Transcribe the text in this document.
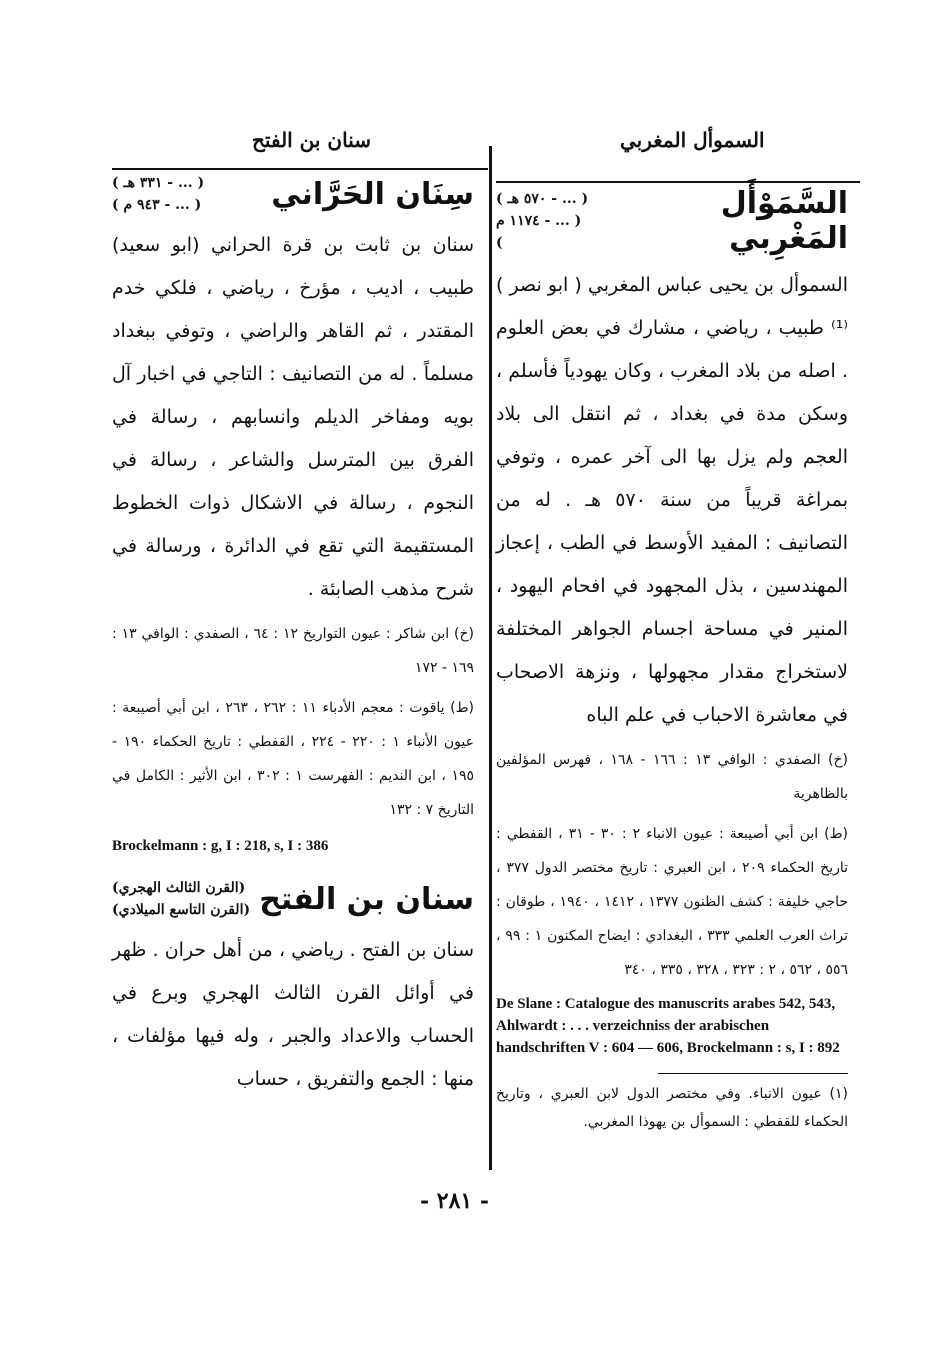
سنان بن الفتح	السموأل المغربي
السَّمَوْأَل المَغْرِبي
( ... - ٥٧٠ هـ )
( ... - ١١٧٤ م )

السموأل بن يحيى عباس المغربي ( ابو نصر ) ⁽¹⁾ طبيب ، رياضي ، مشارك في بعض العلوم . اصله من بلاد المغرب ، وكان يهودياً فأسلم ، وسكن مدة في بغداد ، ثم انتقل الى بلاد العجم ولم يزل بها الى آخر عمره ، وتوفي بمراغة قريباً من سنة ٥٧٠ هـ . له من التصانيف : المفيد الأوسط في الطب ، إعجاز المهندسين ، بذل المجهود في افحام اليهود ، المنير في مساحة اجسام الجواهر المختلفة لاستخراج مقدار مجهولها ، ونزهة الاصحاب في معاشرة الاحباب في علم الباه

(خ) الصفدي : الوافي ١٣ : ١٦٦ - ١٦٨ ، فهرس المؤلفين بالظاهرية

(ط) ابن أبي أصيبعة : عيون الانباء ٢ : ٣٠ - ٣١ ، القفطي : تاريخ الحكماء ٢٠٩ ، ابن العبري : تاريخ مختصر الدول ٣٧٧ ، حاجي خليفة : كشف الظنون ١٣٧٧ ، ١٤١٢ ، ١٩٤٠ ، طوقان : تراث العرب العلمي ٣٣٣ ، البغدادي : ايضاح المكنون ١ : ٩٩ ، ٥٥٦ ، ٥٦٢ ، ٢ : ٣٢٣ ، ٣٢٨ ، ٣٣٥ ، ٣٤٠

De Slane : Catalogue des manuscrits arabes 542, 543, Ahlwardt : . . . verzeichniss der arabischen handschriften V : 604 — 606, Brockelmann : s, I : 892

(١) عيون الانباء. وفي مختصر الدول لابن العبري ، وتاريخ الحكماء للقفطي : السموأل بن يهوذا المغربي.

سِنَان الحَرَّاني
( ... - ٣٣١ هـ )
( ... - ٩٤٣ م )

سنان بن ثابت بن قرة الحراني (ابو سعيد) طبيب ، اديب ، مؤرخ ، رياضي ، فلكي خدم المقتدر ، ثم القاهر والراضي ، وتوفي ببغداد مسلماً . له من التصانيف : التاجي في اخبار آل بويه ومفاخر الديلم وانسابهم ، رسالة في الفرق بين المترسل والشاعر ، رسالة في النجوم ، رسالة في الاشكال ذوات الخطوط المستقيمة التي تقع في الدائرة ، ورسالة في شرح مذهب الصابئة .

(خ) ابن شاكر : عيون التواريخ ١٢ : ٦٤ ، الصفدي : الوافي ١٣ : ١٦٩ - ١٧٢

(ط) ياقوت : معجم الأدباء ١١ : ٢٦٢ ، ٢٦٣ ، ابن أبي أصيبعة : عيون الأنباء ١ : ٢٢٠ - ٢٢٤ ، القفطي : تاريخ الحكماء ١٩٠ - ١٩٥ ، ابن النديم : الفهرست ١ : ٣٠٢ ، ابن الأثير : الكامل في التاريخ ٧ : ١٣٢

Brockelmann : g, I : 218, s, I : 386

سنان بن الفتح
(القرن الثالث الهجري)
(القرن التاسع الميلادي)

سنان بن الفتح . رياضي ، من أهل حران . ظهر في أوائل القرن الثالث الهجري وبرع في الحساب والاعداد والجبر ، وله فيها مؤلفات ، منها : الجمع والتفريق ، حساب

- ٢٨١ -
